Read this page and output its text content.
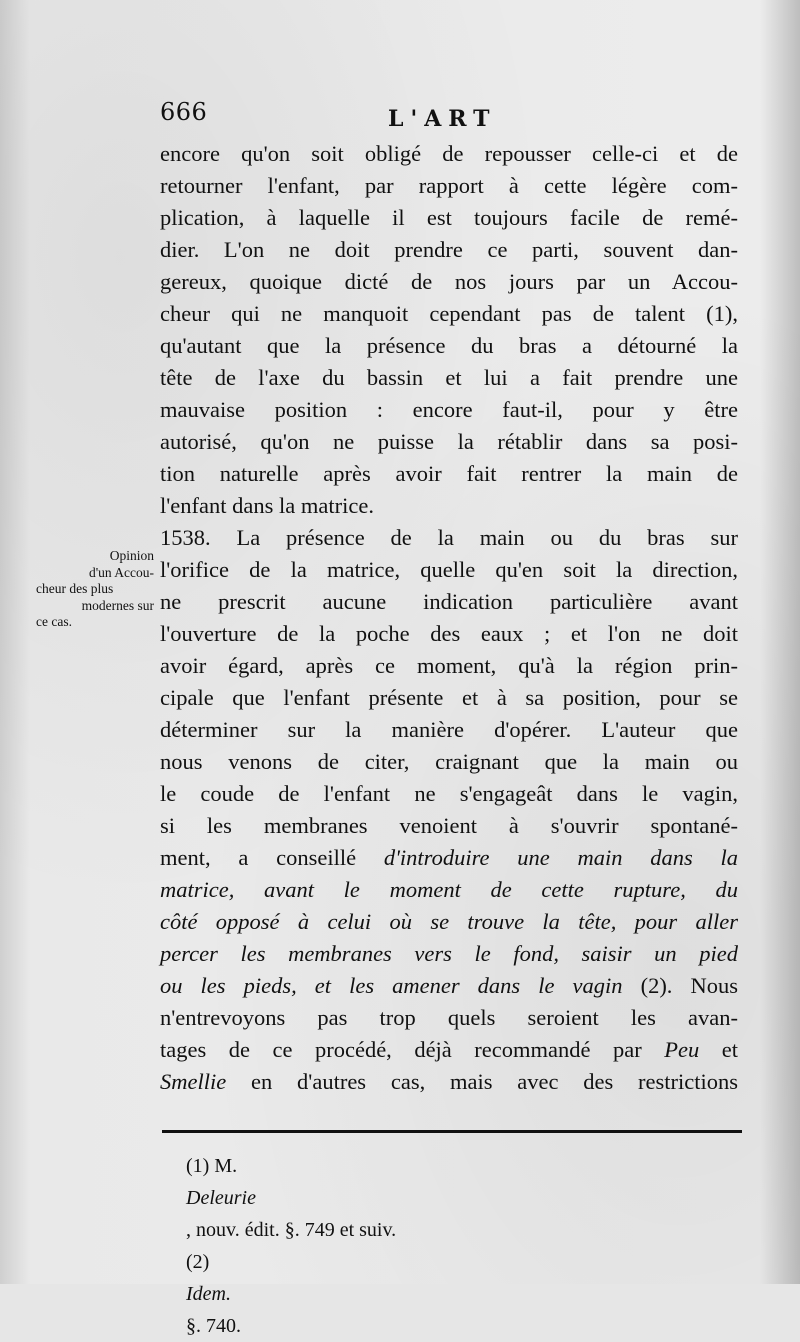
666	L'ART
encore qu'on soit obligé de repousser celle-ci et de
retourner l'enfant, par rapport à cette légère com-
plication, à laquelle il est toujours facile de remé-
dier. L'on ne doit prendre ce parti, souvent dan-
gereux, quoique dicté de nos jours par un Accou-
cheur qui ne manquoit cependant pas de talent (1),
qu'autant que la présence du bras a détourné la
tête de l'axe du bassin et lui a fait prendre une
mauvaise position : encore faut-il, pour y être
autorisé, qu'on ne puisse la rétablir dans sa posi-
tion naturelle après avoir fait rentrer la main de
l'enfant dans la matrice.
1538. La présence de la main ou du bras sur
l'orifice de la matrice, quelle qu'en soit la direction,
ne prescrit aucune indication particulière avant
l'ouverture de la poche des eaux ; et l'on ne doit
avoir égard, après ce moment, qu'à la région prin-
cipale que l'enfant présente et à sa position, pour se
déterminer sur la manière d'opérer. L'auteur que
nous venons de citer, craignant que la main ou
le coude de l'enfant ne s'engageât dans le vagin,
si les membranes venoient à s'ouvrir spontané-
ment, a conseillé d'introduire une main dans la
matrice, avant le moment de cette rupture, du
côté opposé à celui où se trouve la tête, pour aller
percer les membranes vers le fond, saisir un pied
ou les pieds, et les amener dans le vagin (2). Nous
n'entrevoyons pas trop quels seroient les avan-
tages de ce procédé, déjà recommandé par Peu et
Smellie en d'autres cas, mais avec des restrictions
Opinion
d'un Accou-
cheur des plus
modernes sur
ce cas.
(1) M.
Deleurie
, nouv. édit. §. 749 et suiv.
(2)
Idem.
§. 740.
